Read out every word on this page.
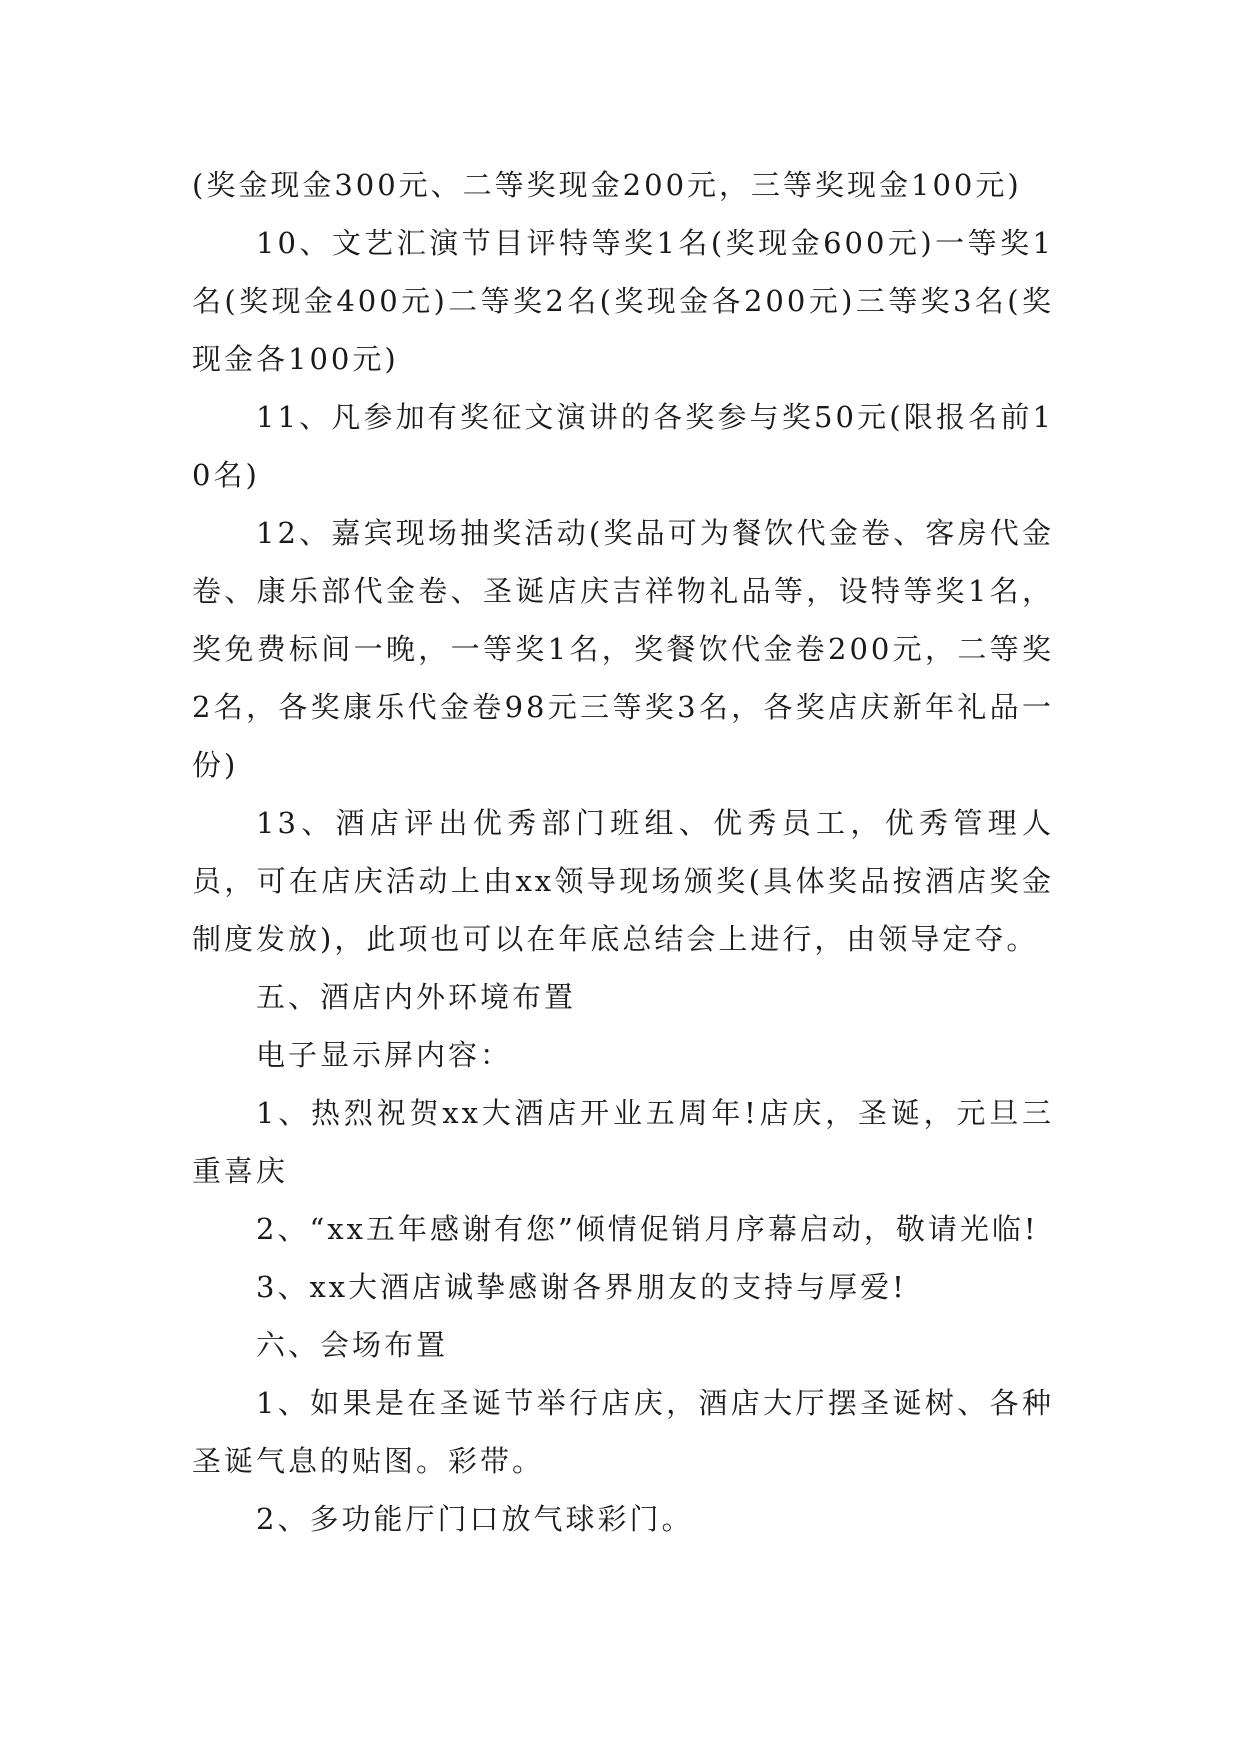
(奖金现金300元、二等奖现金200元，三等奖现金100元)

10、文艺汇演节目评特等奖1名(奖现金600元)一等奖1名(奖现金400元)二等奖2名(奖现金各200元)三等奖3名(奖现金各100元)

11、凡参加有奖征文演讲的各奖参与奖50元(限报名前10名)

12、嘉宾现场抽奖活动(奖品可为餐饮代金卷、客房代金卷、康乐部代金卷、圣诞店庆吉祥物礼品等，设特等奖1名，奖免费标间一晚，一等奖1名，奖餐饮代金卷200元，二等奖2名，各奖康乐代金卷98元三等奖3名，各奖店庆新年礼品一份)

13、酒店评出优秀部门班组、优秀员工，优秀管理人员，可在店庆活动上由xx领导现场颁奖(具体奖品按酒店奖金制度发放)，此项也可以在年底总结会上进行，由领导定夺。

五、酒店内外环境布置

电子显示屏内容：

1、热烈祝贺xx大酒店开业五周年!店庆，圣诞，元旦三重喜庆

2、“xx五年感谢有您”倾情促销月序幕启动，敬请光临!

3、xx大酒店诚挚感谢各界朋友的支持与厚爱!

六、会场布置

1、如果是在圣诞节举行店庆，酒店大厅摆圣诞树、各种圣诞气息的贴图。彩带。

2、多功能厅门口放气球彩门。
